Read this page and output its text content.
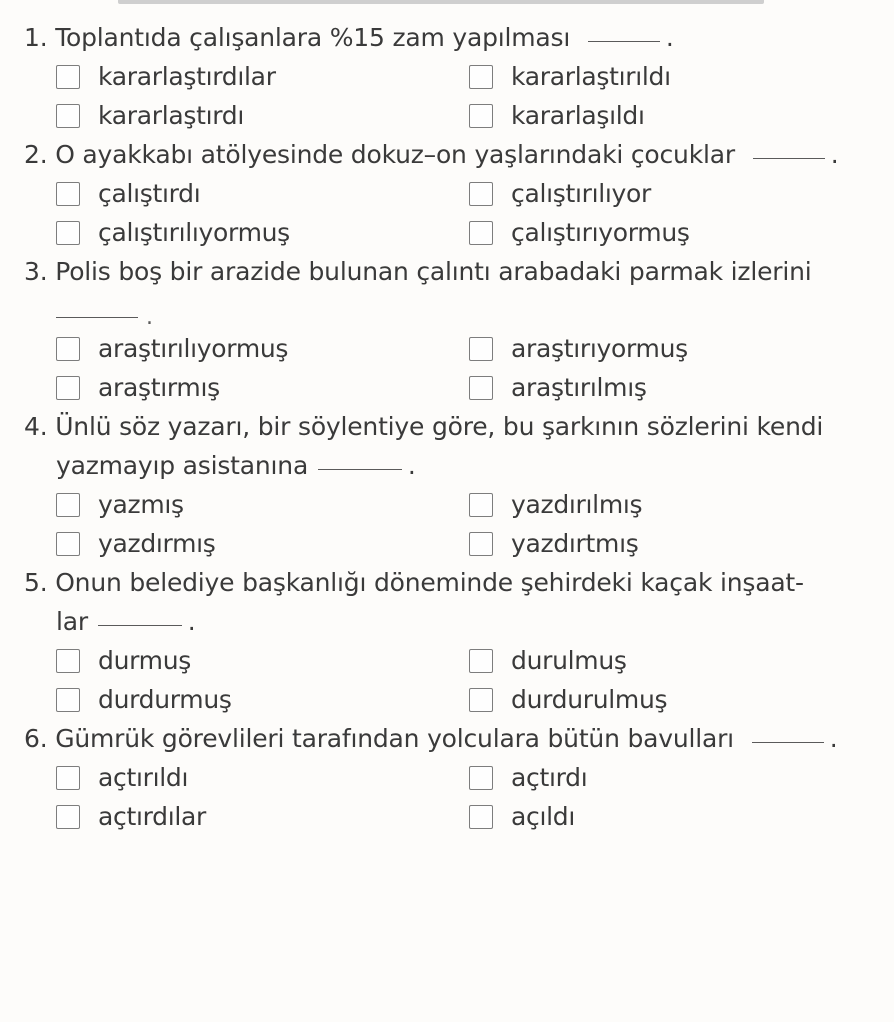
1. Toplantıda çalışanlara %15 zam yapılması	.
kararlaştırdılar	kararlaştırıldı
kararlaştırdı	kararlaşıldı
2. O ayakkabı atölyesinde dokuz–on yaşlarındaki çocuklar	.
çalıştırdı	çalıştırılıyor
çalıştırılıyormuş	çalıştırıyormuş
3. Polis boş bir arazide bulunan çalıntı arabadaki parmak izlerini
.
araştırılıyormuş	araştırıyormuş
araştırmış	araştırılmış
4. Ünlü söz yazarı, bir söylentiye göre, bu şarkının sözlerini kendi
yazmayıp asistanına	.
yazmış	yazdırılmış
yazdırmış	yazdırtmış
5. Onun belediye başkanlığı döneminde şehirdeki kaçak inşaat-
lar	.
durmuş	durulmuş
durdurmuş	durdurulmuş
6. Gümrük görevlileri tarafından yolculara bütün bavulları	.
açtırıldı	açtırdı
açtırdılar	açıldı
